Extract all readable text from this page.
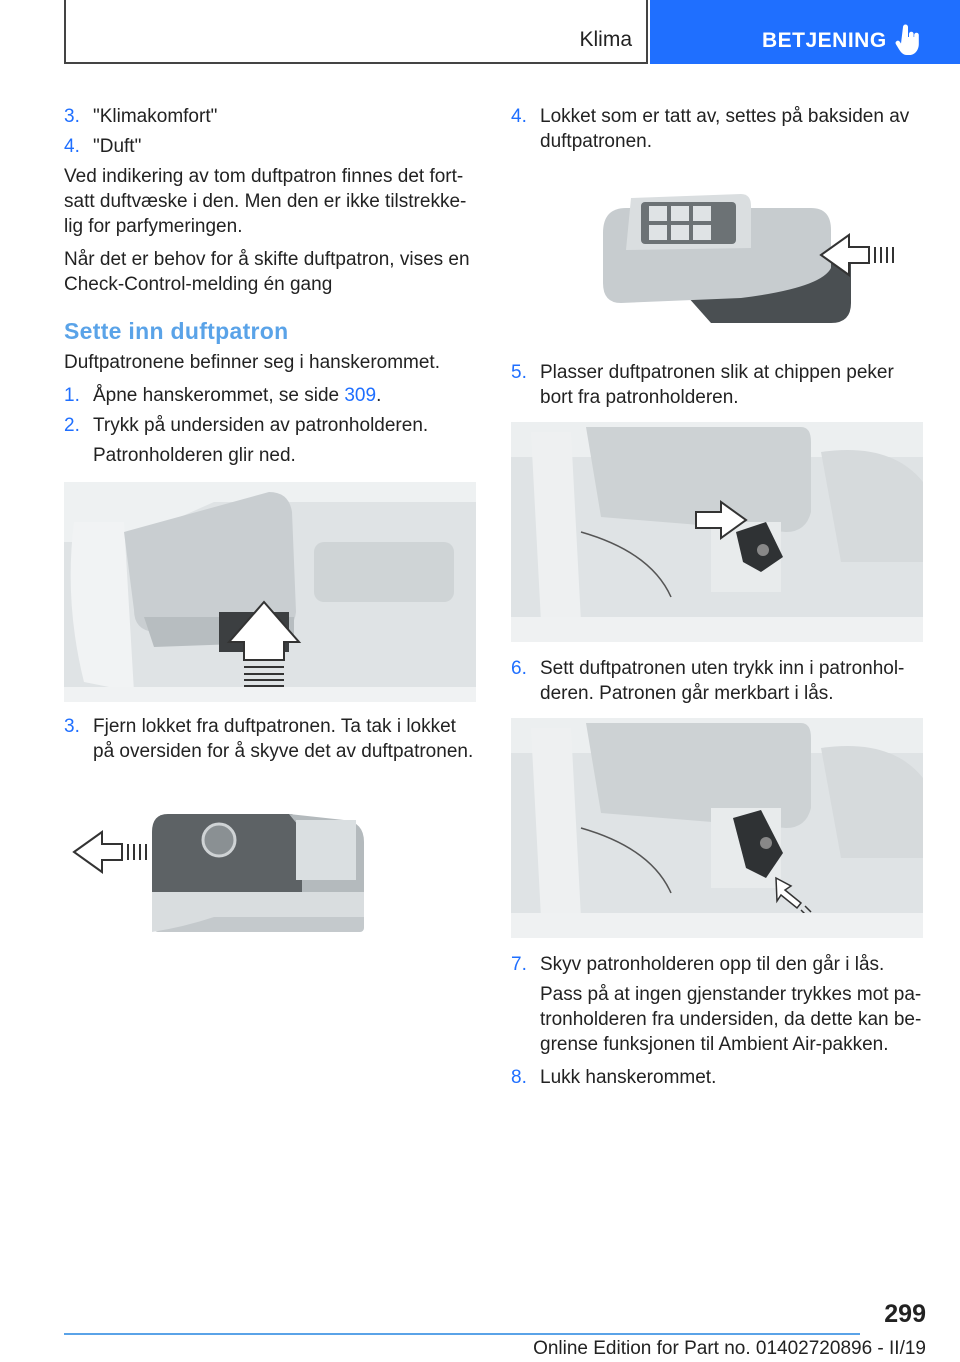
Klima	BETJENING
3. "Klimakomfort"
4. "Duft"

Ved indikering av tom duftpatron finnes det fort-satt duftvæske i den. Men den er ikke tilstrekke-lig for parfymeringen.

Når det er behov for å skifte duftpatron, vises en Check-Control-melding én gang

Sette inn duftpatron

Duftpatronene befinner seg i hanskerommet.

1. Åpne hanskerommet, se side 309.
2. Trykk på undersiden av patronholderen.

Patronholderen glir ned.

3. Fjern lokket fra duftpatronen. Ta tak i lokket på oversiden for å skyve det av duftpatronen.
4. Lokket som er tatt av, settes på baksiden av duftpatronen.
5. Plasser duftpatronen slik at chippen peker bort fra patronholderen.
6. Sett duftpatronen uten trykk inn i patronhol-deren. Patronen går merkbart i lås.
7. Skyv patronholderen opp til den går i lås.

Pass på at ingen gjenstander trykkes mot pa-tronholderen fra undersiden, da dette kan be-grense funksjonen til Ambient Air-pakken.

8. Lukk hanskerommet.
299
Online Edition for Part no. 01402720896 - II/19
